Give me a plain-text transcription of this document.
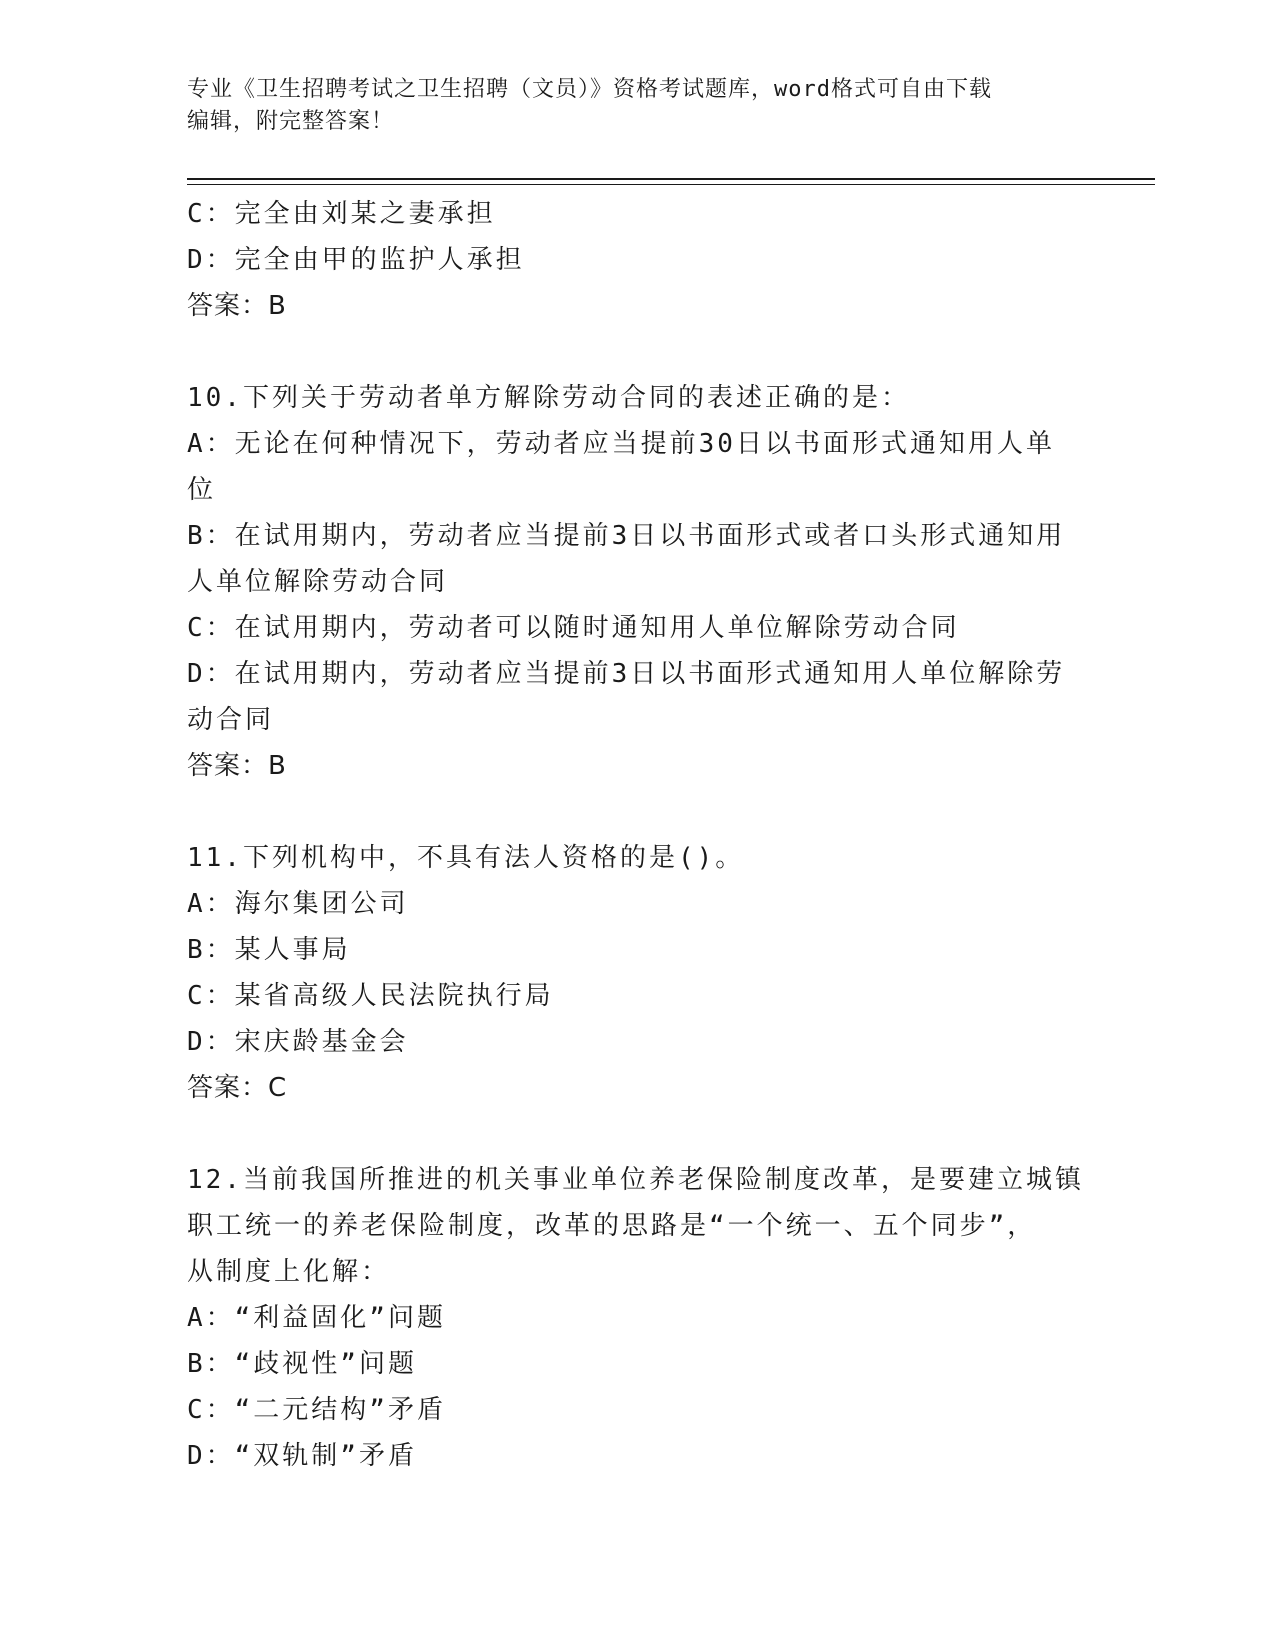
专业《卫生招聘考试之卫生招聘（文员）》资格考试题库，word格式可自由下载
编辑，附完整答案！

C：完全由刘某之妻承担

D：完全由甲的监护人承担

答案：B

10.下列关于劳动者单方解除劳动合同的表述正确的是：

A：无论在何种情况下，劳动者应当提前30日以书面形式通知用人单

位

B：在试用期内，劳动者应当提前3日以书面形式或者口头形式通知用

人单位解除劳动合同

C：在试用期内，劳动者可以随时通知用人单位解除劳动合同

D：在试用期内，劳动者应当提前3日以书面形式通知用人单位解除劳

动合同

答案：B

11.下列机构中，不具有法人资格的是()。

A：海尔集团公司

B：某人事局

C：某省高级人民法院执行局

D：宋庆龄基金会

答案：C

12.当前我国所推进的机关事业单位养老保险制度改革，是要建立城镇

职工统一的养老保险制度，改革的思路是“一个统一、五个同步”，

从制度上化解：

A：“利益固化”问题

B：“歧视性”问题

C：“二元结构”矛盾

D：“双轨制”矛盾
